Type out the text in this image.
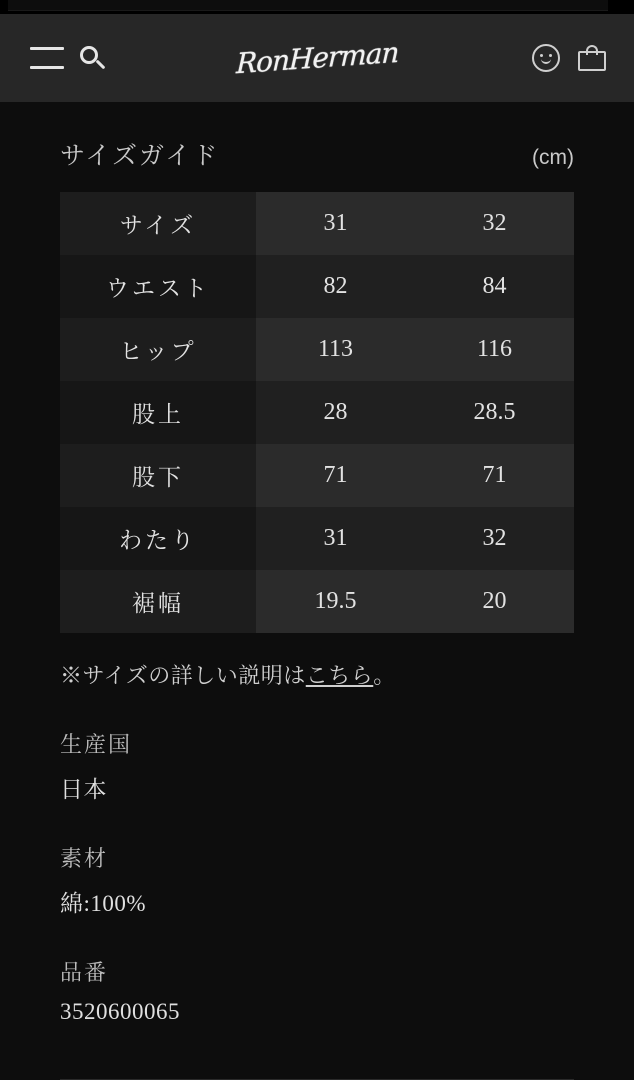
RonHerman
サイズガイド	(cm)
サイズ	31	32
ウエスト	82	84
ヒップ	113	116
股上	28	28.5
股下	71	71
わたり	31	32
裾幅	19.5	20
※サイズの詳しい説明はこちら。
生産国
日本
素材
綿:100%
品番
3520600065
